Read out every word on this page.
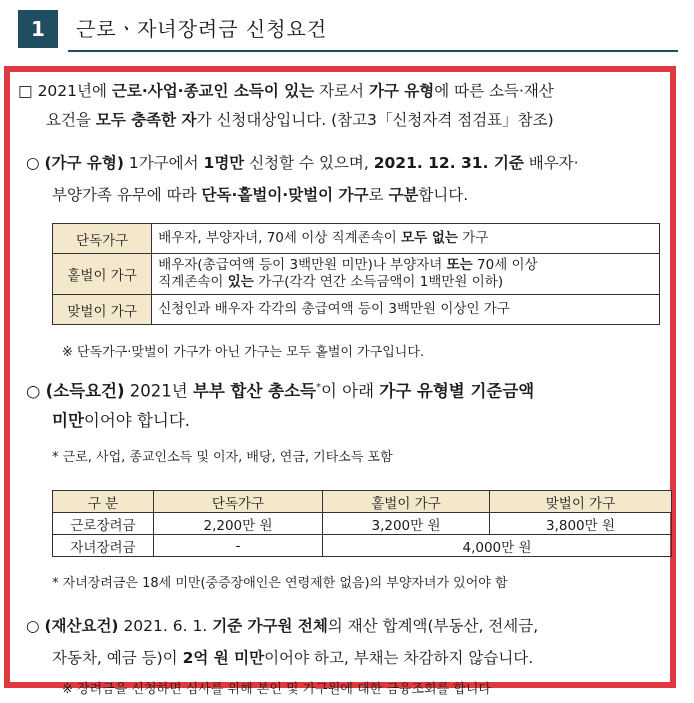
1	근로ㆍ자녀장려금 신청요건
□ 2021년에 근로·사업·종교인 소득이 있는 자로서 가구 유형에 따른 소득·재산
요건을 모두 충족한 자가 신청대상입니다. (참고3「신청자격 점검표」참조)
○ (가구 유형) 1가구에서 1명만 신청할 수 있으며, 2021. 12. 31. 기준 배우자·
부양가족 유무에 따라 단독·홑벌이·맞벌이 가구로 구분합니다.
단독가구	배우자, 부양자녀, 70세 이상 직계존속이 모두 없는 가구
홑벌이 가구	배우자(총급여액 등이 3백만원 미만)나 부양자녀 또는 70세 이상
직계존속이 있는 가구(각각 연간 소득금액이 1백만원 이하)
맞벌이 가구	신청인과 배우자 각각의 총급여액 등이 3백만원 이상인 가구
※ 단독가구·맞벌이 가구가 아닌 가구는 모두 홑벌이 가구입니다.
○ (소득요건) 2021년 부부 합산 총소득*이 아래 가구 유형별 기준금액
미만이어야 합니다.
* 근로, 사업, 종교인소득 및 이자, 배당, 연금, 기타소득 포함
구 분	단독가구	홑벌이 가구	맞벌이 가구
근로장려금	2,200만 원	3,200만 원	3,800만 원
자녀장려금	-	4,000만 원	
* 자녀장려금은 18세 미만(중증장애인은 연령제한 없음)의 부양자녀가 있어야 함
○ (재산요건) 2021. 6. 1. 기준 가구원 전체의 재산 합계액(부동산, 전세금,
자동차, 예금 등)이 2억 원 미만이어야 하고, 부채는 차감하지 않습니다.
※ 장려금을 신청하면 심사를 위해 본인 및 가구원에 대한 금융조회를 합니다
